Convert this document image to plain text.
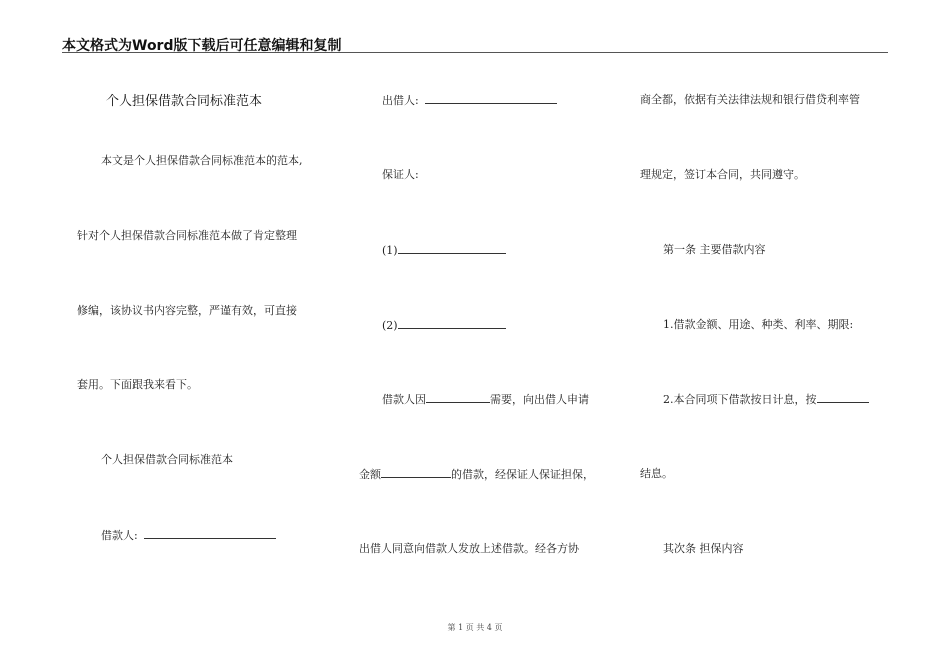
本文格式为Word版下载后可任意编辑和复制
个人担保借款合同标准范本
本文是个人担保借款合同标准范本的范本,
针对个人担保借款合同标准范本做了肯定整理
修编，该协议书内容完整，严谨有效，可直接
套用。下面跟我来看下。
个人担保借款合同标准范本
借款人:
出借人:
保证人:
(1)
(2)
借款人因	需要，向出借人申请
金额	的借款，经保证人保证担保，
出借人同意向借款人发放上述借款。经各方协
商全都，依据有关法律法规和银行借贷利率管
理规定，签订本合同，共同遵守。
第一条 主要借款内容
1.借款金额、用途、种类、利率、期限:
2.本合同项下借款按日计息，按
结息。
其次条 担保内容
第 1 页 共 4 页
